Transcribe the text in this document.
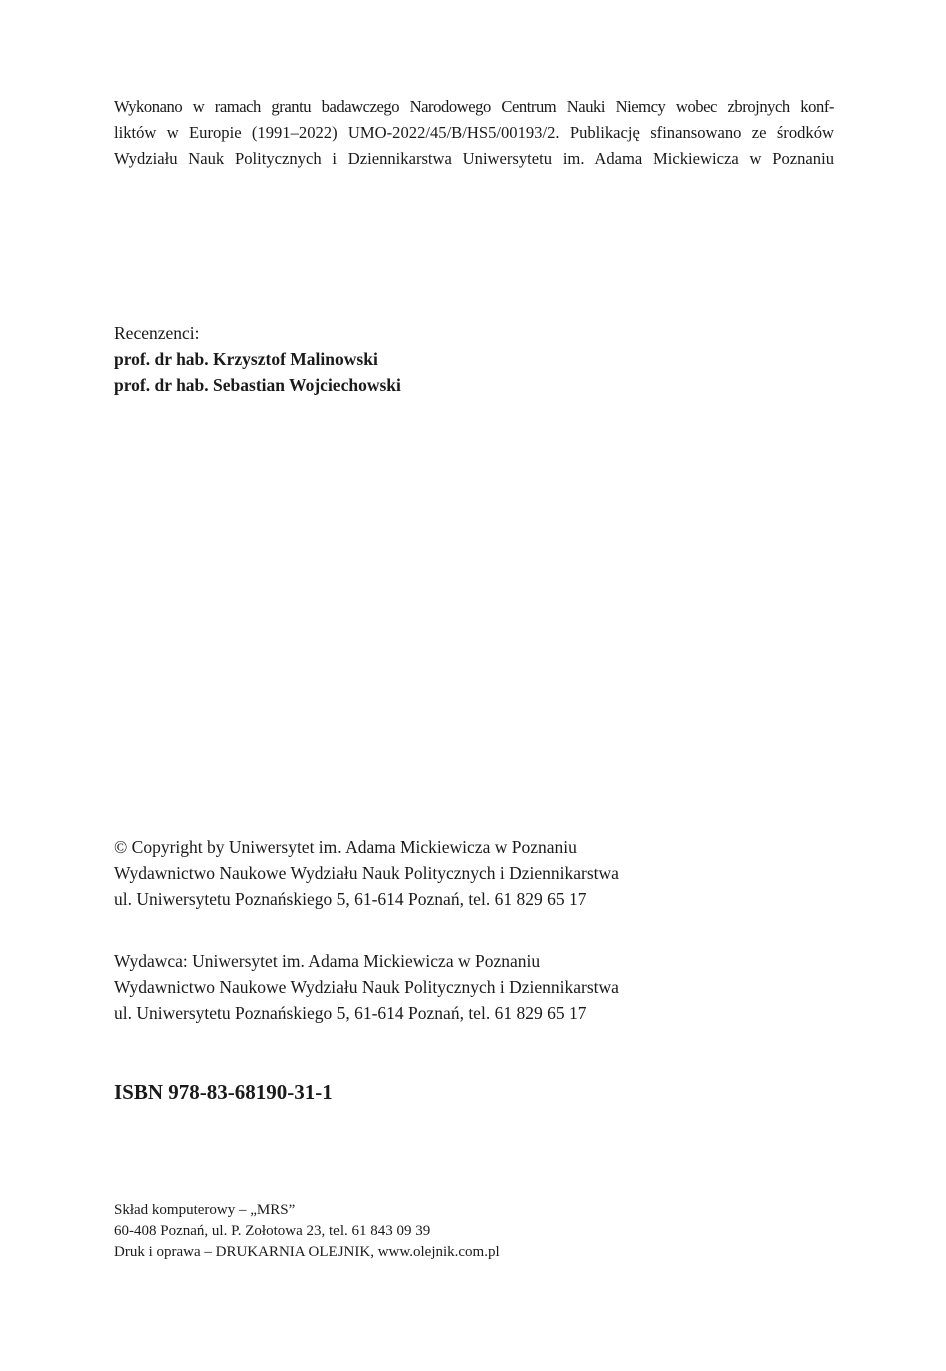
Wykonano w ramach grantu badawczego Narodowego Centrum Nauki Niemcy wobec zbrojnych konf-
liktów w Europie (1991–2022) UMO-2022/45/B/HS5/00193/2. Publikację sfinansowano ze środków
Wydziału Nauk Politycznych i Dziennikarstwa Uniwersytetu im. Adama Mickiewicza w Poznaniu
Recenzenci:
prof. dr hab. Krzysztof Malinowski
prof. dr hab. Sebastian Wojciechowski
© Copyright by Uniwersytet im. Adama Mickiewicza w Poznaniu
Wydawnictwo Naukowe Wydziału Nauk Politycznych i Dziennikarstwa
ul. Uniwersytetu Poznańskiego 5, 61-614 Poznań, tel. 61 829 65 17
Wydawca: Uniwersytet im. Adama Mickiewicza w Poznaniu
Wydawnictwo Naukowe Wydziału Nauk Politycznych i Dziennikarstwa
ul. Uniwersytetu Poznańskiego 5, 61-614 Poznań, tel. 61 829 65 17
ISBN 978-83-68190-31-1
Skład komputerowy – „MRS”
60-408 Poznań, ul. P. Zołotowa 23, tel. 61 843 09 39
Druk i oprawa – DRUKARNIA OLEJNIK, www.olejnik.com.pl
